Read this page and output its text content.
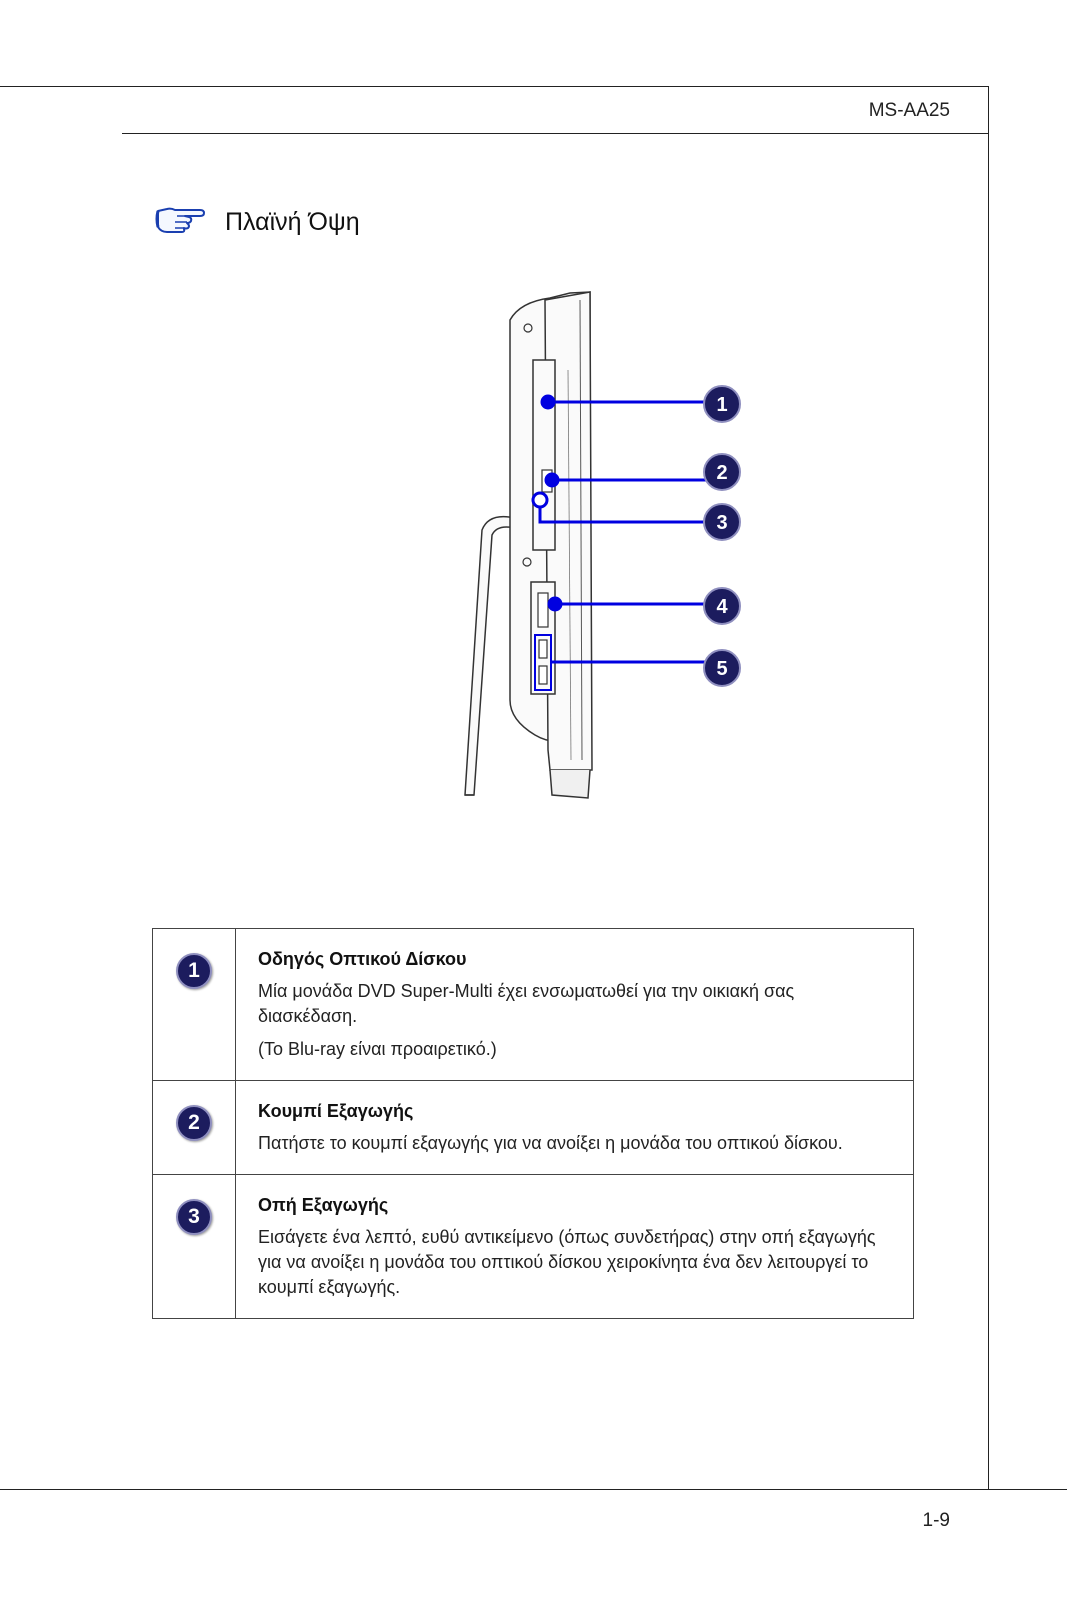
MS-AA25
Πλαϊνή Όψη
1
2
3
4
5
1	Οδηγός Οπτικού Δίσκου
Μία μονάδα DVD Super-Multi έχει ενσωματωθεί για την οικιακή σας διασκέδαση.
(Το Blu-ray είναι προαιρετικό.)

2	Κουμπί Εξαγωγής
Πατήστε το κουμπί εξαγωγής για να ανοίξει η μονάδα του οπτικού δίσκου.

3	Οπή Εξαγωγής
Εισάγετε ένα λεπτό, ευθύ αντικείμενο (όπως συνδετήρας) στην οπή εξαγωγής για να ανοίξει η μονάδα του οπτικού δίσκου χειροκίνητα ένα δεν λειτουργεί το κουμπί εξαγωγής.
1-9
